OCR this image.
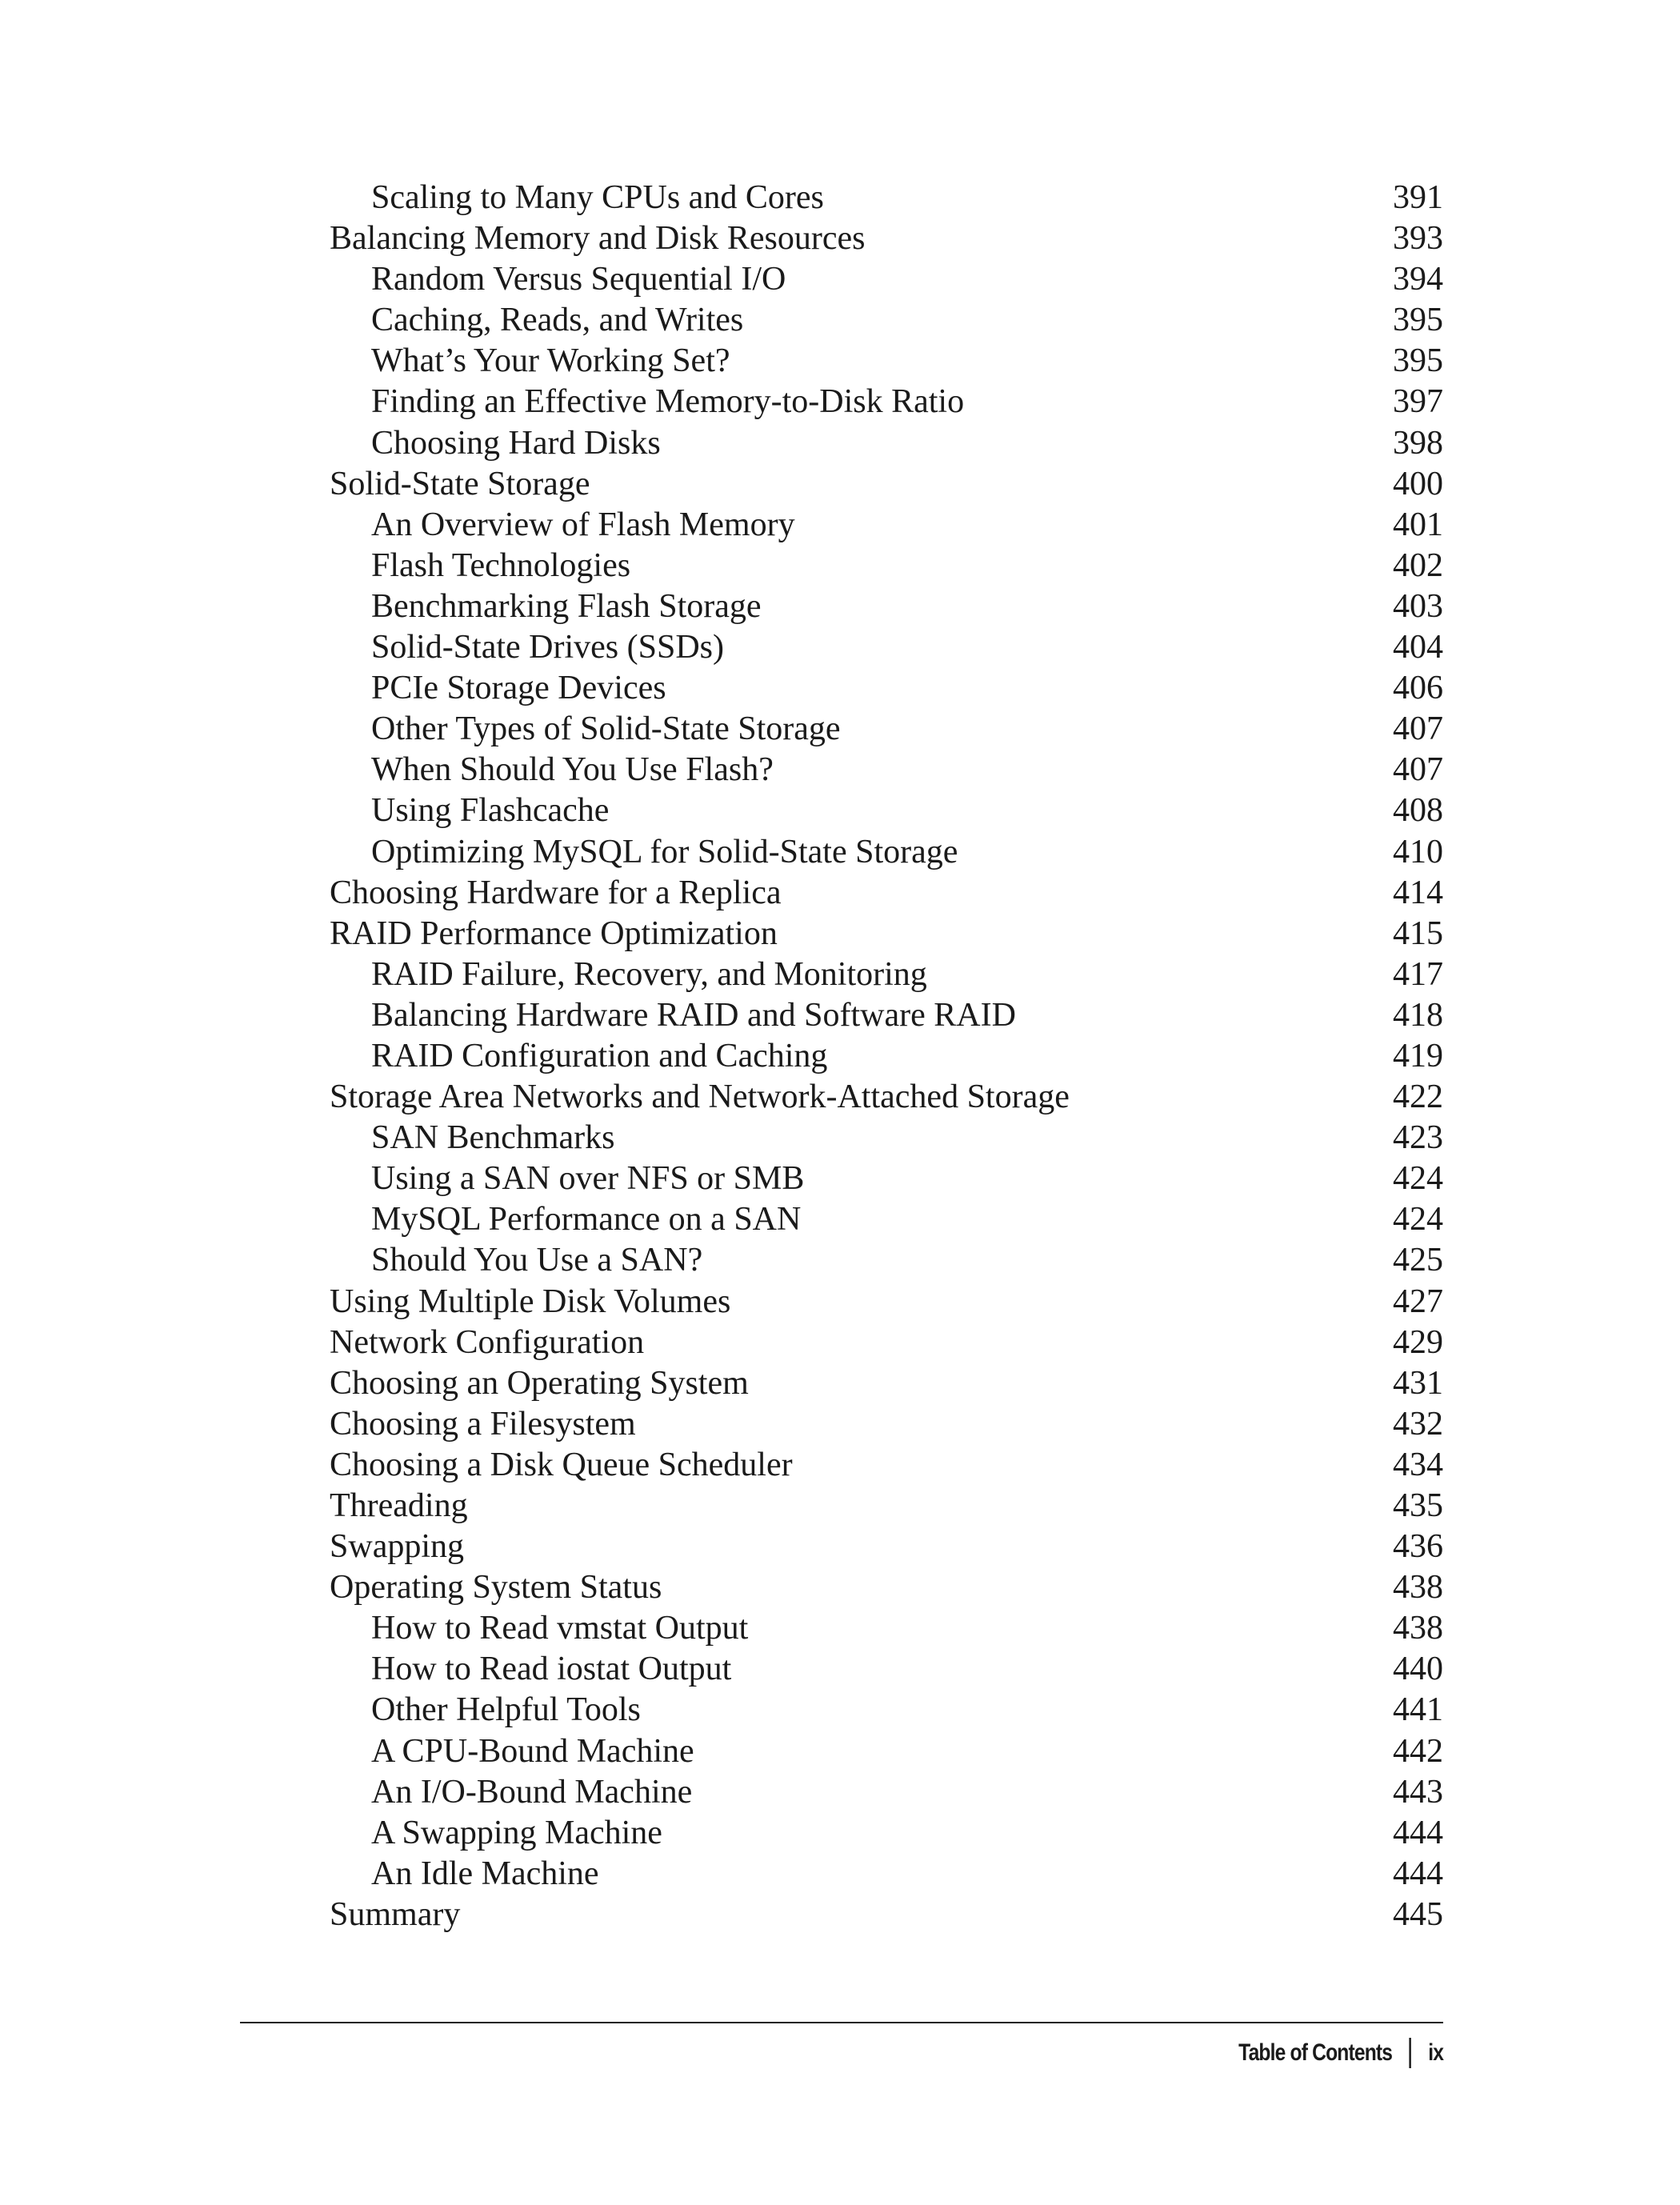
Scaling to Many CPUs and Cores	391
Balancing Memory and Disk Resources	393
Random Versus Sequential I/O	394
Caching, Reads, and Writes	395
What’s Your Working Set?	395
Finding an Effective Memory-to-Disk Ratio	397
Choosing Hard Disks	398
Solid-State Storage	400
An Overview of Flash Memory	401
Flash Technologies	402
Benchmarking Flash Storage	403
Solid-State Drives (SSDs)	404
PCIe Storage Devices	406
Other Types of Solid-State Storage	407
When Should You Use Flash?	407
Using Flashcache	408
Optimizing MySQL for Solid-State Storage	410
Choosing Hardware for a Replica	414
RAID Performance Optimization	415
RAID Failure, Recovery, and Monitoring	417
Balancing Hardware RAID and Software RAID	418
RAID Configuration and Caching	419
Storage Area Networks and Network-Attached Storage	422
SAN Benchmarks	423
Using a SAN over NFS or SMB	424
MySQL Performance on a SAN	424
Should You Use a SAN?	425
Using Multiple Disk Volumes	427
Network Configuration	429
Choosing an Operating System	431
Choosing a Filesystem	432
Choosing a Disk Queue Scheduler	434
Threading	435
Swapping	436
Operating System Status	438
How to Read vmstat Output	438
How to Read iostat Output	440
Other Helpful Tools	441
A CPU-Bound Machine	442
An I/O-Bound Machine	443
A Swapping Machine	444
An Idle Machine	444
Summary	445
Table of Contents ix
